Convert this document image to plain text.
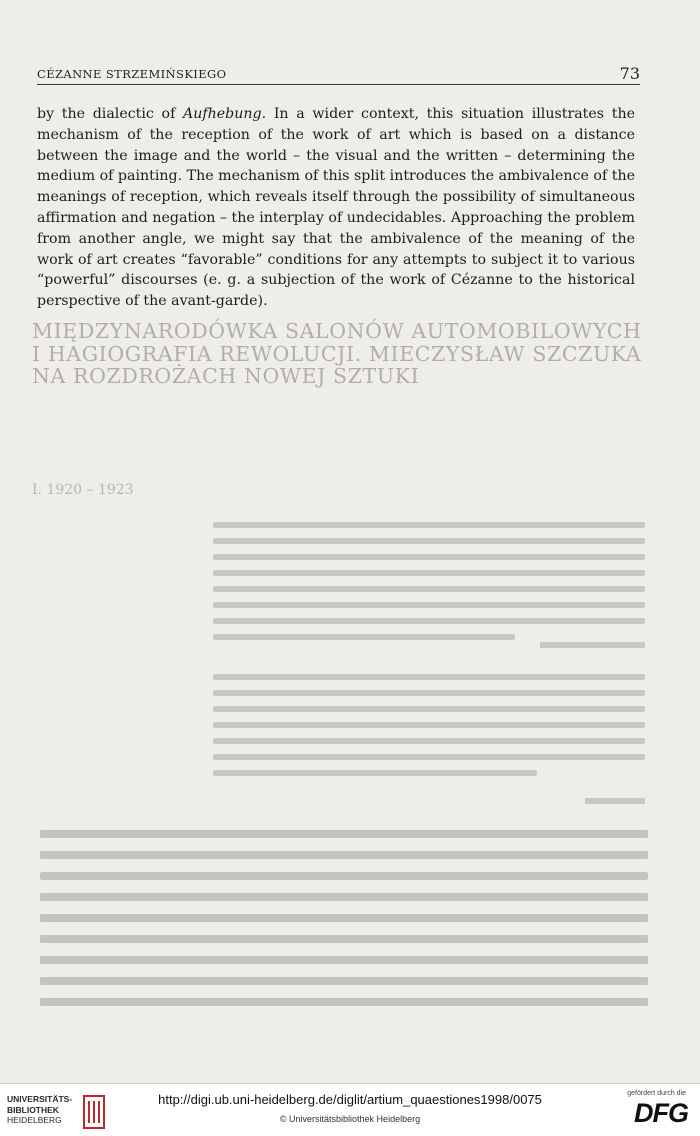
CÉZANNE STRZEMIŃSKIEGO	73

by the dialectic of Aufhebung. In a wider context, this situation illustrates the mechanism of the reception of the work of art which is based on a distance between the image and the world – the visual and the written – determining the medium of painting. The mechanism of this split introduces the ambivalence of the meanings of reception, which reveals itself through the possibility of simultaneous affirmation and negation – the interplay of undecidables. Approaching the problem from another angle, we might say that the ambivalence of the meaning of the work of art creates “favorable” conditions for any attempts to subject it to various “powerful” discourses (e. g. a subjection of the work of Cézanne to the historical perspective of the avant-garde).

MIĘDZYNARODÓWKA SALONÓW AUTOMOBILOWYCH I HAGIOGRAFIA REWOLUCJI. MIECZYSŁAW SZCZUKA NA ROZDROŻACH NOWEJ SZTUKI
I. 1920 – 1923
UNIVERSITÄTS-
BIBLIOTHEK
HEIDELBERG
http://digi.ub.uni-heidelberg.de/diglit/artium_quaestiones1998/0075
© Universitätsbibliothek Heidelberg
gefördert durch die
DFG
